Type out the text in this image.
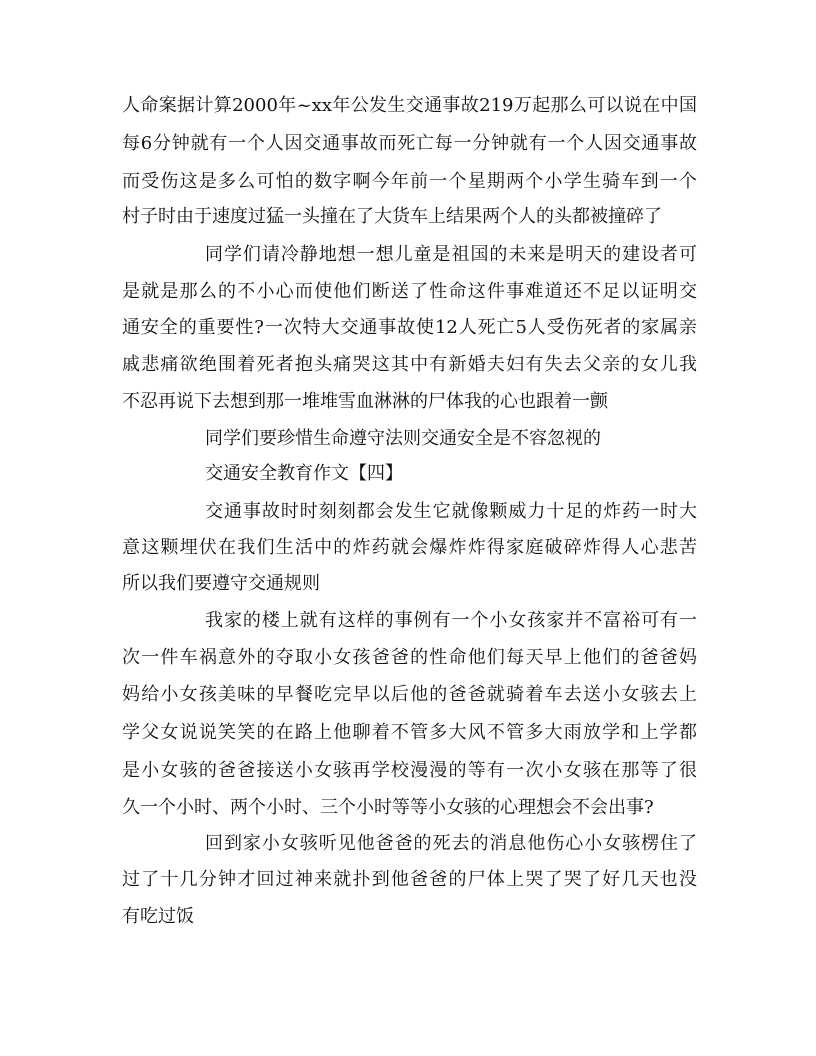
人命案据计算2000年~xx年公发生交通事故219万起那么可以说在中国
每6分钟就有一个人因交通事故而死亡每一分钟就有一个人因交通事故
而受伤这是多么可怕的数字啊今年前一个星期两个小学生骑车到一个
村子时由于速度过猛一头撞在了大货车上结果两个人的头都被撞碎了
同学们请冷静地想一想儿童是祖国的未来是明天的建设者可
是就是那么的不小心而使他们断送了性命这件事难道还不足以证明交
通安全的重要性?一次特大交通事故使12人死亡5人受伤死者的家属亲
戚悲痛欲绝围着死者抱头痛哭这其中有新婚夫妇有失去父亲的女儿我
不忍再说下去想到那一堆堆雪血淋淋的尸体我的心也跟着一颤
同学们要珍惜生命遵守法则交通安全是不容忽视的
交通安全教育作文【四】
交通事故时时刻刻都会发生它就像颗威力十足的炸药一时大
意这颗埋伏在我们生活中的炸药就会爆炸炸得家庭破碎炸得人心悲苦
所以我们要遵守交通规则
我家的楼上就有这样的事例有一个小女孩家并不富裕可有一
次一件车祸意外的夺取小女孩爸爸的性命他们每天早上他们的爸爸妈
妈给小女孩美味的早餐吃完早以后他的爸爸就骑着车去送小女骇去上
学父女说说笑笑的在路上他聊着不管多大风不管多大雨放学和上学都
是小女骇的爸爸接送小女骇再学校漫漫的等有一次小女骇在那等了很
久一个小时、两个小时、三个小时等等小女骇的心理想会不会出事?
回到家小女骇听见他爸爸的死去的消息他伤心小女骇楞住了
过了十几分钟才回过神来就扑到他爸爸的尸体上哭了哭了好几天也没
有吃过饭
